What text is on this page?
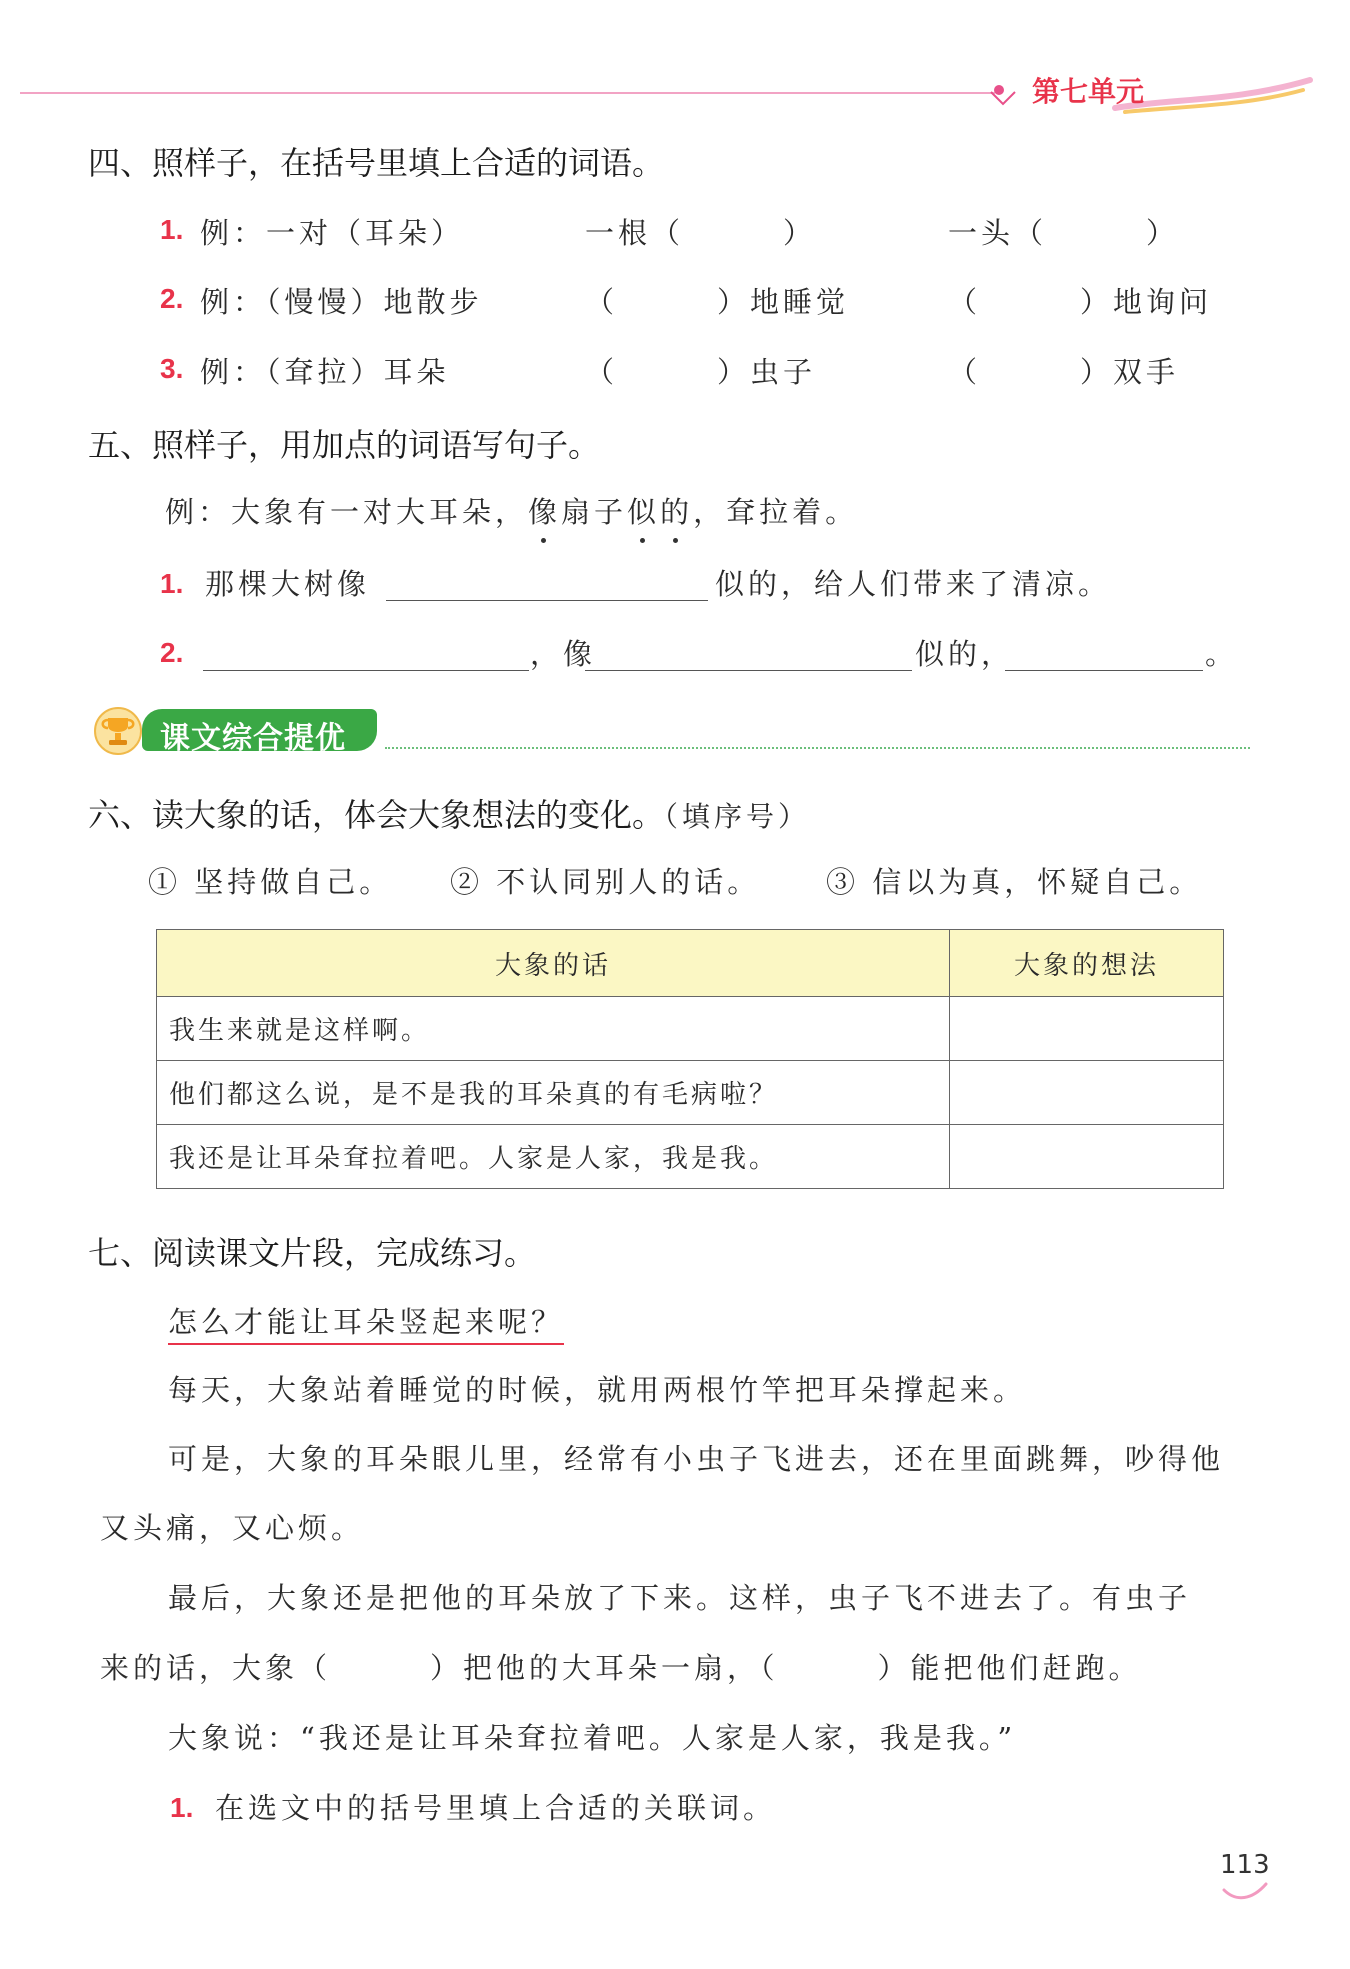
第七单元
四、照样子，在括号里填上合适的词语。
1. 例：一对（耳朵）	一根（　　　）	一头（　　　）
2. 例：（慢慢）地散步	（　　　）地睡觉	（　　　）地询问
3. 例：（耷拉）耳朵	（　　　）虫子	（　　　）双手
五、照样子，用加点的词语写句子。
例：大象有一对大耳朵，像扇子似的，耷拉着。
1. 那棵大树像	似的，给人们带来了清凉。
2.	，像	似的，	。
课文综合提优
六、读大象的话，体会大象想法的变化。（填序号）
① 坚持做自己。 ② 不认同别人的话。 ③ 信以为真，怀疑自己。
大象的话	大象的想法
我生来就是这样啊。	
他们都这么说，是不是我的耳朵真的有毛病啦？	
我还是让耳朵耷拉着吧。人家是人家，我是我。	
七、阅读课文片段，完成练习。
怎么才能让耳朵竖起来呢？
每天，大象站着睡觉的时候，就用两根竹竿把耳朵撑起来。
可是，大象的耳朵眼儿里，经常有小虫子飞进去，还在里面跳舞，吵得他
又头痛，又心烦。
最后，大象还是把他的耳朵放了下来。这样，虫子飞不进去了。有虫子
来的话，大象（　　　）把他的大耳朵一扇，（　　　）能把他们赶跑。
大象说：“我还是让耳朵耷拉着吧。人家是人家，我是我。”
1. 在选文中的括号里填上合适的关联词。
113
